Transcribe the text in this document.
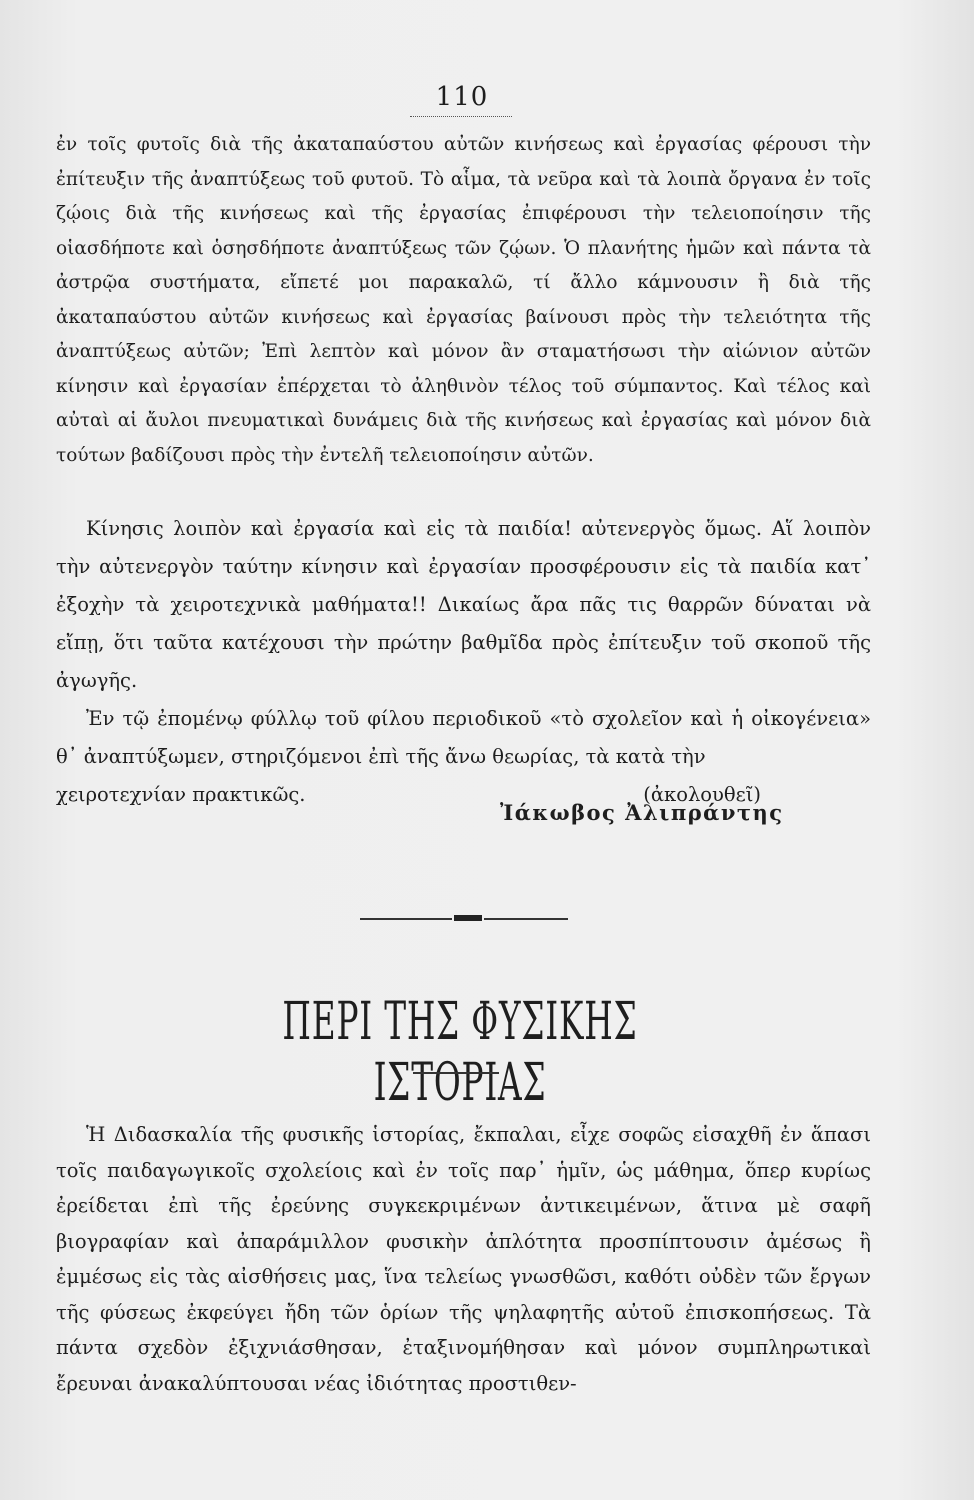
110

ἐν τοῖς φυτοῖς διὰ τῆς ἀκαταπαύστου αὐτῶν κινήσεως καὶ ἐργασίας φέρουσι τὴν ἐπίτευξιν τῆς ἀναπτύξεως τοῦ φυτοῦ. Τὸ αἷμα, τὰ νεῦρα καὶ τὰ λοιπὰ ὄργανα ἐν τοῖς ζῴοις διὰ τῆς κινήσεως καὶ τῆς ἐργασίας ἐπιφέρουσι τὴν τελειοποίησιν τῆς οἱασδήποτε καὶ ὁσησδήποτε ἀναπτύξεως τῶν ζῴων. Ὁ πλανήτης ἡμῶν καὶ πάντα τὰ ἀστρῷα συστήματα, εἴπετέ μοι παρακαλῶ, τί ἄλλο κάμνουσιν ἢ διὰ τῆς ἀκαταπαύστου αὐτῶν κινήσεως καὶ ἐργασίας βαίνουσι πρὸς τὴν τελειότητα τῆς ἀναπτύξεως αὐτῶν; Ἐπὶ λεπτὸν καὶ μόνον ἂν σταματήσωσι τὴν αἰώνιον αὐτῶν κίνησιν καὶ ἐργασίαν ἐπέρχεται τὸ ἀληθινὸν τέλος τοῦ σύμπαντος. Καὶ τέλος καὶ αὐταὶ αἱ ἄυλοι πνευματικαὶ δυνάμεις διὰ τῆς κινήσεως καὶ ἐργασίας καὶ μόνον διὰ τούτων βαδίζουσι πρὸς τὴν ἐντελῆ τελειοποίησιν αὐτῶν.

Κίνησις λοιπὸν καὶ ἐργασία καὶ εἰς τὰ παιδία! αὐτενεργὸς ὅμως. Αἵ λοιπὸν τὴν αὐτενεργὸν ταύτην κίνησιν καὶ ἐργασίαν προσφέρουσιν εἰς τὰ παιδία κατ᾽ ἐξοχὴν τὰ χειροτεχνικὰ μαθήματα!! Δικαίως ἄρα πᾶς τις θαρρῶν δύναται νὰ εἴπῃ, ὅτι ταῦτα κατέχουσι τὴν πρώτην βαθμῖδα πρὸς ἐπίτευξιν τοῦ σκοποῦ τῆς ἀγωγῆς.

Ἐν τῷ ἐπομένῳ φύλλῳ τοῦ φίλου περιοδικοῦ «τὸ σχολεῖον καὶ ἡ οἰκογένεια» θ᾽ ἀναπτύξωμεν, στηριζόμενοι ἐπὶ τῆς ἄνω θεωρίας, τὰ κατὰ τὴν

χειροτεχνίαν πρακτικῶς.	(ἀκολουθεῖ)
Ἰάκωβος Ἀλιπράντης
ΠΕΡΙ ΤΗΣ ΦΥΣΙΚΗΣ ΙΣΤΟΡΙΑΣ

Ἡ Διδασκαλία τῆς φυσικῆς ἱστορίας, ἔκπαλαι, εἶχε σοφῶς εἰσαχθῆ ἐν ἅπασι τοῖς παιδαγωγικοῖς σχολείοις καὶ ἐν τοῖς παρ᾽ ἡμῖν, ὡς μάθημα, ὅπερ κυρίως ἐρείδεται ἐπὶ τῆς ἐρεύνης συγκεκριμένων ἀντικειμένων, ἅτινα μὲ σαφῆ βιογραφίαν καὶ ἀπαράμιλλον φυσικὴν ἁπλότητα προσπίπτουσιν ἀμέσως ἢ ἐμμέσως εἰς τὰς αἰσθήσεις μας, ἵνα τελείως γνωσθῶσι, καθότι οὐδὲν τῶν ἔργων τῆς φύσεως ἐκφεύγει ἤδη τῶν ὁρίων τῆς ψηλαφητῆς αὐτοῦ ἐπισκοπήσεως. Τὰ πάντα σχεδὸν ἐξιχνιάσθησαν, ἐταξινομήθησαν καὶ μόνον συμπληρωτικαὶ ἔρευναι ἀνακαλύπτουσαι νέας ἰδιότητας προστιθεν-
